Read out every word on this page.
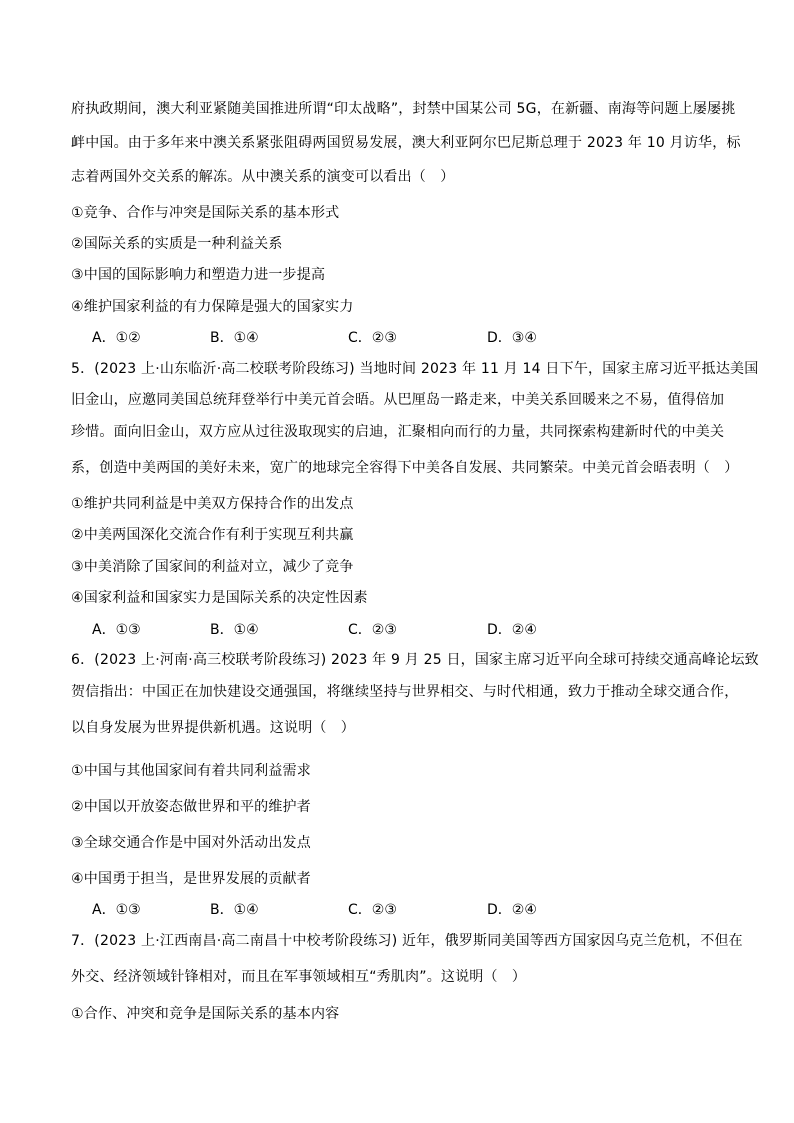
府执政期间，澳大利亚紧随美国推进所谓“印太战略”，封禁中国某公司 5G，在新疆、南海等问题上屡屡挑
衅中国。由于多年来中澳关系紧张阻碍两国贸易发展，澳大利亚阿尔巴尼斯总理于 2023 年 10 月访华，标
志着两国外交关系的解冻。从中澳关系的演变可以看出（　）
①竞争、合作与冲突是国际关系的基本形式
②国际关系的实质是一种利益关系
③中国的国际影响力和塑造力进一步提高
④维护国家利益的有力保障是强大的国家实力
A．①②	B．①④	C．②③	D．③④
5．(2023 上·山东临沂·高二校联考阶段练习) 当地时间 2023 年 11 月 14 日下午，国家主席习近平抵达美国
旧金山，应邀同美国总统拜登举行中美元首会晤。从巴厘岛一路走来，中美关系回暖来之不易，值得倍加
珍惜。面向旧金山，双方应从过往汲取现实的启迪，汇聚相向而行的力量，共同探索构建新时代的中美关
系，创造中美两国的美好未来，宽广的地球完全容得下中美各自发展、共同繁荣。中美元首会晤表明（　）
①维护共同利益是中美双方保持合作的出发点
②中美两国深化交流合作有利于实现互利共赢
③中美消除了国家间的利益对立，减少了竞争
④国家利益和国家实力是国际关系的决定性因素
A．①③	B．①④	C．②③	D．②④
6．(2023 上·河南·高三校联考阶段练习) 2023 年 9 月 25 日，国家主席习近平向全球可持续交通高峰论坛致
贺信指出：中国正在加快建设交通强国，将继续坚持与世界相交、与时代相通，致力于推动全球交通合作，
以自身发展为世界提供新机遇。这说明（　）
①中国与其他国家间有着共同利益需求
②中国以开放姿态做世界和平的维护者
③全球交通合作是中国对外活动出发点
④中国勇于担当，是世界发展的贡献者
A．①③	B．①④	C．②③	D．②④
7．(2023 上·江西南昌·高二南昌十中校考阶段练习) 近年，俄罗斯同美国等西方国家因乌克兰危机，不但在
外交、经济领域针锋相对，而且在军事领域相互“秀肌肉”。这说明（　）
①合作、冲突和竞争是国际关系的基本内容
